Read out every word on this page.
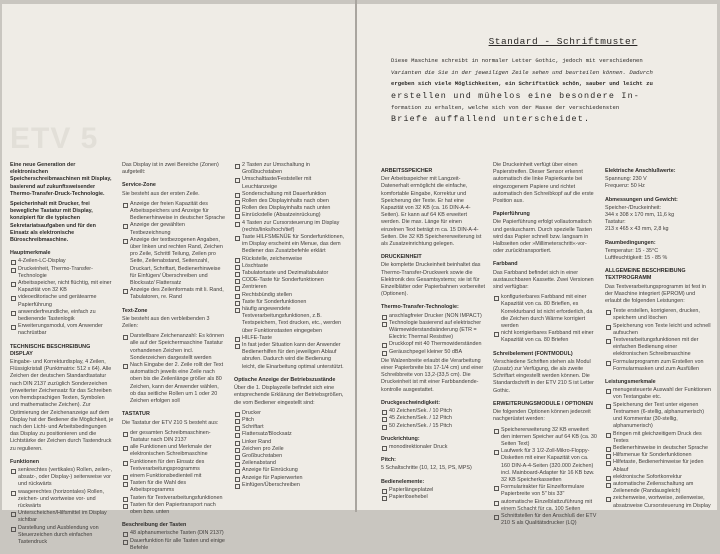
ETV 5

Eine neue Generation der elektronischen Speicherschreibmaschinen mit Display, basierend auf zukunftsweisender Thermo-Transfer-Druck-Technologie.

Speicherinhalt mit Drucker, frei bewegliche Tastatur mit Display, konzipiert für die typischen Sekretariatsaufgaben und für den Einsatz als elektronische Büroschreibmaschine.

Hauptmerkmale
4-Zeilen-LC-Display
Druckeinheit, Thermo-Transfer-Technologie
Arbeitsspeicher, nicht flüchtig, mit einer Kapazität von 32 KB
videoeditorische und gerätearme Papierführung
anwenderfreundliche, einfach zu bedienende Tastenlogik
Erweiterungsmodul, vom Anwender nachrüstbar
TECHNISCHE BESCHREIBUNG DISPLAY

Eingabe- und Korrekturdisplay, 4 Zeilen, Flüssigkristall (Punktmatrix: 512 x 64). Alle Zeichen der deutschen Standardtastatur nach DIN 2137 zuzüglich Sonderzeichen (erweiterter Zeichensatz für das Schreiben von fremdsprachigen Texten, Symbolen und mathematische Zeichen). Zur Optimierung der Zeichenanzeige auf dem Display hat der Bediener die Möglichkeit, je nach den Licht- und Arbeitsbedingungen das Display zu positionieren und die Lichtstärke der Zeichen durch Tastendruck zu regulieren.

Funktionen
senkrechtes (vertikales) Rollen, zeilen-, absatz-, oder Display-) seitenweise vor und rückwärts
waagerechtes (horizontales) Rollen, zeichen- und wortweise vor- und rückwärts
Unterscheichen/Hilfsmittel im Display sichtbar
Darstellung und Ausblendung von Steuerzeichen durch einfachen Tastendruck

Das Display ist in zwei Bereiche (Zonen) aufgeteilt:

Service-Zone

Sie besteht aus der ersten Zeile.

Anzeige der freien Kapazität des Arbeitsspeichers und Anzeige für Bedienerhinweise in deutscher Sprache
Anzeige der gewählten Textbezeichnung
Anzeige der textbezogenen Angaben, über linken und rechten Rand, Zeichen pro Zeile, Schrittl Teilung, Zeilen pro Seite, Zeilenabstand, Seitenzahl, Druckart, Schriftart, Bedienerhinweise für Einfügen/ Überschreiben und Blocksatz/ Flattersatz
Anzeige des Zeilenformats mit li. Rand, Tabulatoren, re. Rand
Text-Zone

Sie besteht aus den verbleibenden 3 Zeilen:

Darstellbare Zeichenanzahl: Es können alle auf der Speichermaschine Tastatur vorhandenen Zeichen incl. Sonderzeichen dargestellt werden
Nach Eingabe der 2. Zeile rollt der Text automatisch jeweils eine Zeile nach oben bis die Zeilenlänge größer als 80 Zeichen, kann der Anwender wählen, ob das seitliche Rollen um 1 oder 20 Zeichen erfolgen soll
TASTATUR

Die Tastatur der ETV 210 S besteht aus:

der gesamten Schreibmaschinen-Tastatur nach DIN 2137
alle Funktionen und Merkmale der elektronischen Schreibmaschine
Funktionen für den Einsatz des Textverarbeitungsprogramms
einem Funktionsbedienteil mit
Tasten für die Wahl des Arbeitsprogramms
Tasten für Textverarbeitungsfunktionen
Tasten für den Papiertransport nach oben bzw. unten
Beschreibung der Tasten
48 alphanumerische Tasten (DIN 2137)
Dauerfunktion für alle Tasten und einige Befehle
2 Tasten zur Umschaltung in Großbuchstaben
Umschalttaste/Feststeller mit Leuchtanzeige
Sonderschaltung mit Dauerfunktion
Rollen des Displayinhalts nach oben
Rollen des Displayinhalts nach unten
Einrückstelle (Absatzeinrückung)
4 Tasten zur Cursorsteuerung im Display (rechts/links/hoch/tief)
Taste HILFSMENÜE für Sonderfunktionen, im Display erscheint ein Menue, das dem Bediener das Zusatzbefehle erklärt
Rückstelle, zeichenweise
Löschtaste
Tabulatortaste und Dezimaltabulator
CODE-Taste für Sonderfunktionen
Zentrieren
Rechtsbündig stellen
Taste für Sonderfunktionen
häufig angewendete Textverarbeitungsfunktionen, z.B. Textspeichern, Text drucken, etc., werden über Funktionstasten eingegeben
HILFE-Taste
In fast jeder Situation kann der Anwender Bedienerhilfen für den jeweiligen Ablauf abrufen. Dadurch wird die Bedienung leicht, die Einarbeitung optimal unterstützt.
Optische Anzeige der Betriebszustände

Über die 1. Displayzeile befindet sich eine entsprechende Erklärung der Betriebsgrößen, die vom Bediener eingestellt sind:

Drucker
Pitch
Schriftart
Flattersatz/Blocksatz
Linker Rand
Zeichen pro Zeile
Großbuchstaben
Zeilenabstand
Anzeige für Einrückung
Anzeige für Papierwerten
Einfügen/Überschreiben
Standard - Schriftmuster
Diese Maschine schreibt in normaler Letter Gothic, jedoch mit verschiedenen
Varianten die Sie in der jeweiligen Zeile sehen und beurteilen können. Dadurch
ergeben sich viele Möglichkeiten, ein Schriftstück schön, sauber und leicht zu
erstellen und mühelos eine besondere In-
formation zu erhalten, welche sich von der Masse der verschiedensten
Briefe auffallend unterscheidet.
ARBEITSSPEICHER

Der Arbeitsspeicher mit Langzeit-Datenerhalt ermöglicht die einfache, komfortable Eingabe, Korrektur und Speicherung der Texte. Er hat eine Kapazität von 32 KB (ca. 16 DIN-A-4-Seiten). Er kann auf 64 KB erweitert werden. Die max. Länge für einen einzelnen Text beträgt m ca. 15 DIN-A-4-Seiten. Die 32 KB Speichererweiterung ist als Zusatzeinrichtung gelegen.

DRUCKEINHEIT

Die komplette Druckeinheit beinhaltet das Thermo-Transfer-Druckwerk sowie die Elektronik des Gesamtsystems; sie ist für Einzelblätter oder Papierbahnen vorbereitet (Optionen).

Thermo-Transfer-Technologie:
anschlagfreier Drucker (NON IMPACT)
Technologie basierend auf elektrischer Wärmewiderstandsänderung (ETR = Electric Thermal Resistive)
Druckkopf mit 40 Thermowiderständen
Geräuschpegel kleiner 50 dBA

Die Walzenbreite erlaubt die Verarbeitung einer Papierbreite bis 17-1/4 cm) und einer Schreibbreite von 13,2-(33,5 cm). Die Druckeinheit ist mit einer Farbbandende-kontrolle ausgestattet.

Druckgeschwindigkeit:
40 Zeichen/Sek. / 10 Pitch
45 Zeichen/Sek. / 12 Pitch
50 Zeichen/Sek. / 15 Pitch
Druckrichtung:
monodirektionaler Druck
Pitch:

5 Schaltschritte (10, 12, 15, PS, MPS)

Bedienelemente:
Papierlängeplatzel
Papierlösehebel

Die Druckeinheit verfügt über einen Papierstreifen. Dieser Sensor erkennt automatisch die linke Papierkante bei eingezogenem Papiere und richtet automatisch den Schreibkopf auf die erste Position aus.

Papierführung

Die Papierführung erfolgt vollautomatisch und geräuscharm. Durch spezielle Tasten wird das Papier schnell bzw. langsam in Halbseiten oder »Millimeterschritt«-vor- oder zurücktransportiert.

Farbband

Das Farbband befindet sich in einer austauschbaren Kassette. Zwei Versionen sind verfügbar:

konfigurierbares Farbband mit einer Kapazität von ca. 80 Brieflen, es Korrekturband ist nicht erforderlich, da die Zeichen durch Wärme korrigiert werden
nicht korrigierbares Farbband mit einer Kapazität von ca. 80 Briefen
Schreibelement (FONTMODUL)

Verschiedene Schriften stehen als Modul (Zusatz) zur Verfügung, die als zweite Schriftart eingestellt werden können. Die Standardschrift in der ETV 210 S ist Letter Gothic.

ERWEITERUNGSMODULE / OPTIONEN

Die folgenden Optionen können jederzeit nachgerüstet werden:

Speichererweiterung 32 KB erweitert den internen Speicher auf 64 KB (ca. 30 Seiten Text)
Laufwerk für 3 1/2-Zoll-Mikro-Floppy-Disketten mit einer Kapazität von ca. 160 DIN-A-4-Seiten (320.000 Zeichen) incl. Mainboard-Adapter für 16 KB bzw. 32 KB Speicherkassetten
Formularirakter für Einzelformulare Papierbreite von 5" bis 33"
automatische Einzelblattzuführung mit einem Schacht für ca. 100 Seiten
Schnittstellen für den Anschluß der ETV 210 S als Qualitätsdrucker (LQ)
Elektrische Anschlußwerte:

Spannung: 230 V
Frequenz: 50 Hz

Abmessungen und Gewicht:

Speicher-/Druckeinheit:
344 x 308 x 170 mm, 11,6 kg
Tastatur:
213 x 465 x 43 mm, 2,8 kg

Raumbedingungen:

Temperatur: 15 - 35°C
Luftfeuchtigkeit: 15 - 85 %

ALLGEMEINE BESCHREIBUNG TEXTPROGRAMM

Das Textverarbeitungsprogramm ist fest in der Maschine integriert (EPROM) und erlaubt die folgenden Leistungen:

Texte erstellen, korrigieren, drucken, speichern und löschen
Speicherung von Texte leicht und schnell aufsuchen
Textverarbeitungsfunktionen mit der einfachen Bedienung einer elektronischen Schreibmaschine
Formularprogramm zum Erstellen von Formularmasken und zum Ausfüllen
Leistungsmerkmale
menugesteuerte Auswahl der Funktionen von Textangabe etc.
Speicherung der Text unter eigenen Textnamen (6-stellig, alphanumerisch) und Kommentar (30-stellig, alphanumerisch)
Bringen mit gleichzeitigem Druck des Textes
Bedienerhinweise in deutscher Sprache
Hilfsmenue für Sonderfunktionen
Hilfetaste, Bedienerhinweise für jeden Ablauf
elektronische Sofortkorrektur
automatische Zeilenschaltung am Zeilenende (Randausgleich)
zeichenweise, wortweise, zeilenweise, absatzweise Cursorsteuerung im Display
